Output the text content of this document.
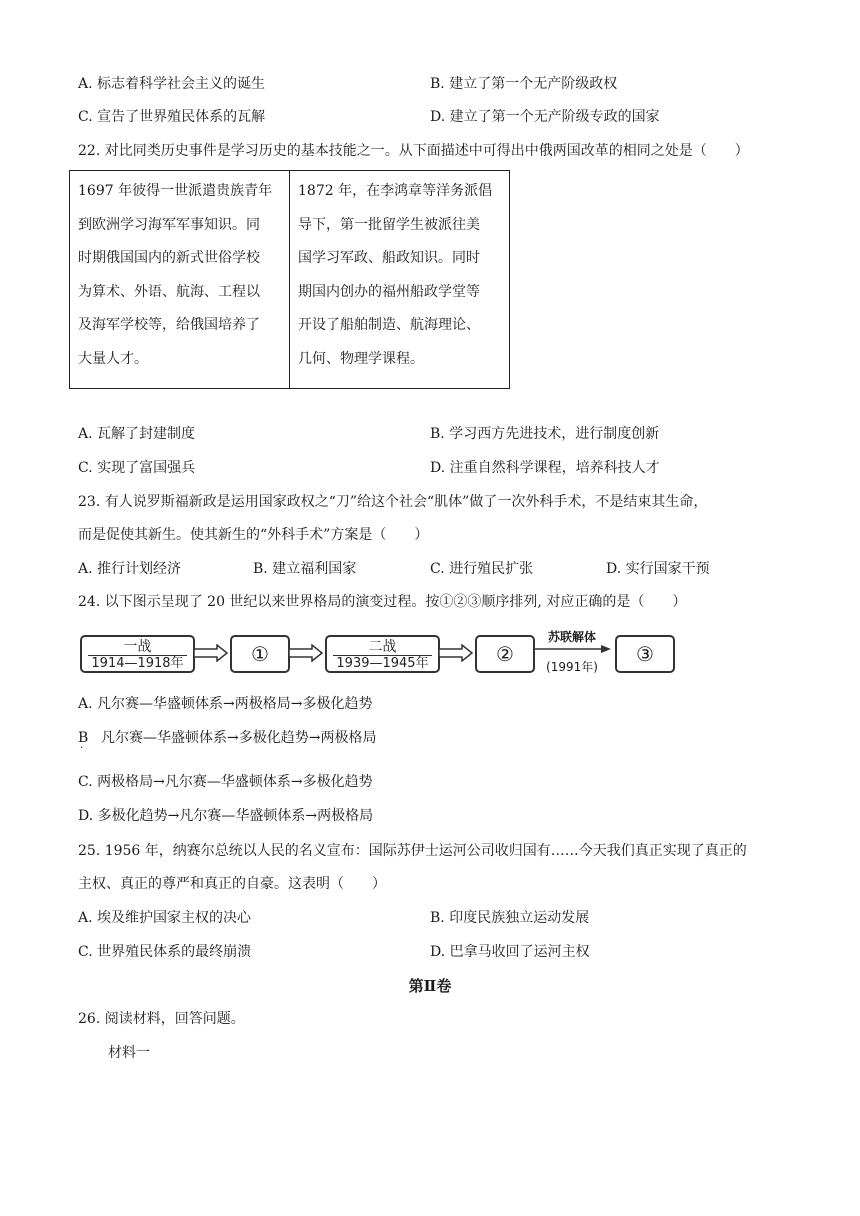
A. 标志着科学社会主义的诞生	B. 建立了第一个无产阶级政权
C. 宣告了世界殖民体系的瓦解	D. 建立了第一个无产阶级专政的国家
22. 对比同类历史事件是学习历史的基本技能之一。从下面描述中可得出中俄两国改革的相同之处是（　　）

1697 年彼得一世派遣贵族青年

到欧洲学习海军军事知识。同

时期俄国国内的新式世俗学校

为算术、外语、航海、工程以

及海军学校等，给俄国培养了

大量人才。

1872 年，在李鸿章等洋务派倡

导下，第一批留学生被派往美

国学习军政、船政知识。同时

期国内创办的福州船政学堂等

开设了船舶制造、航海理论、

几何、物理学课程。

A. 瓦解了封建制度	B. 学习西方先进技术，进行制度创新
C. 实现了富国强兵	D. 注重自然科学课程，培养科技人才
23. 有人说罗斯福新政是运用国家政权之“刀”给这个社会“肌体”做了一次外科手术，不是结束其生命，
而是促使其新生。使其新生的“外科手术”方案是（　　）
A. 推行计划经济	B. 建立福利国家	C. 进行殖民扩张	D. 实行国家干预
24. 以下图示呈现了 20 世纪以来世界格局的演变过程。按①②③顺序排列, 对应正确的是（　　）
一战
1914—1918年	①	二战
1939—1945年	②
苏联解体
(1991年)
③
A. 凡尔赛—华盛顿体系→两极格局→多极化趋势
B
·
凡尔赛—华盛顿体系→多极化趋势→两极格局
C. 两极格局→凡尔赛—华盛顿体系→多极化趋势
D. 多极化趋势→凡尔赛—华盛顿体系→两极格局
25. 1956 年，纳赛尔总统以人民的名义宣布：国际苏伊士运河公司收归国有……今天我们真正实现了真正的
主权、真正的尊严和真正的自豪。这表明（　　）
A. 埃及维护国家主权的决心	B. 印度民族独立运动发展
C. 世界殖民体系的最终崩溃	D. 巴拿马收回了运河主权
第Ⅱ卷
26. 阅读材料，回答问题。
材料一
